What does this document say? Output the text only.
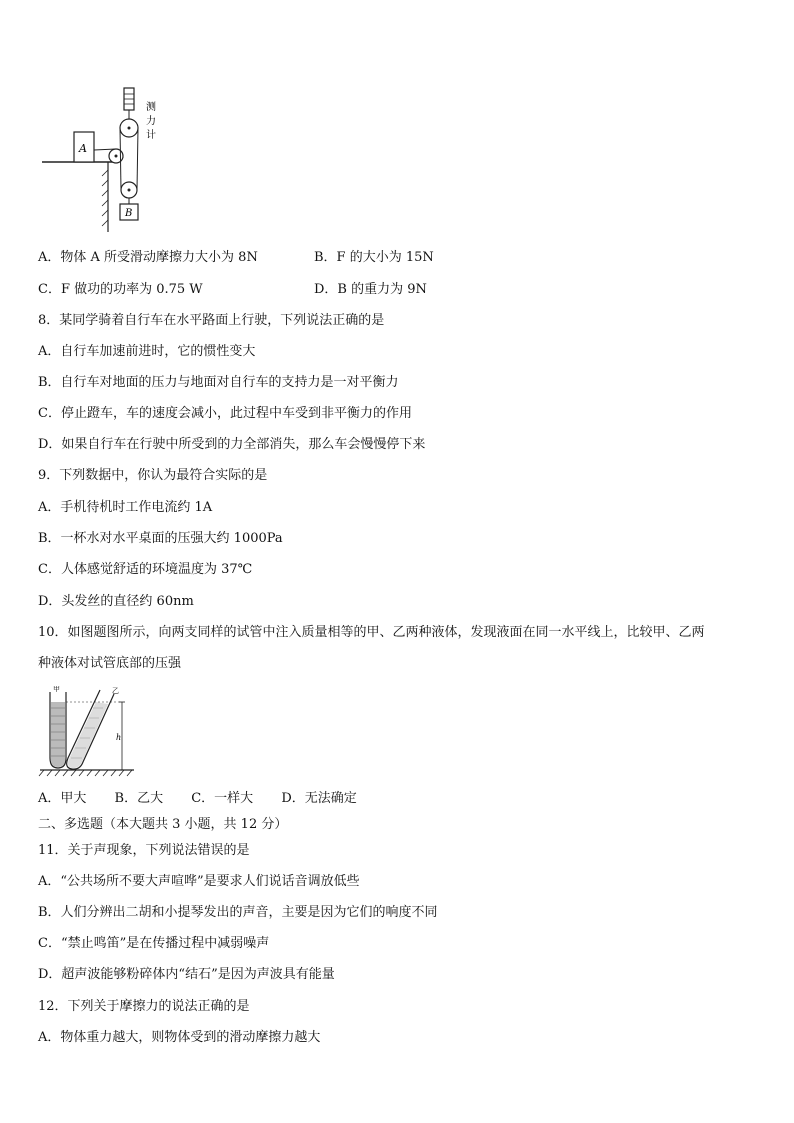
A
测
力
计
B
A．物体 A 所受滑动摩擦力大小为 8N	B．F 的大小为 15N
C．F 做功的功率为 0.75 W	D．B 的重力为 9N
8．某同学骑着自行车在水平路面上行驶，下列说法正确的是
A．自行车加速前进时，它的惯性变大
B．自行车对地面的压力与地面对自行车的支持力是一对平衡力
C．停止蹬车，车的速度会减小，此过程中车受到非平衡力的作用
D．如果自行车在行驶中所受到的力全部消失，那么车会慢慢停下来
9．下列数据中，你认为最符合实际的是
A．手机待机时工作电流约 1A
B．一杯水对水平桌面的压强大约 1000Pa
C．人体感觉舒适的环境温度为 37℃
D．头发丝的直径约 60nm
10．如图题图所示，向两支同样的试管中注入质量相等的甲、乙两种液体，发现液面在同一水平线上，比较甲、乙两
种液体对试管底部的压强
甲	乙
h
A．甲大 B．乙大 C．一样大 D．无法确定
二、多选题（本大题共 3 小题，共 12 分）
11．关于声现象，下列说法错误的是
A．“公共场所不要大声喧哗”是要求人们说话音调放低些
B．人们分辨出二胡和小提琴发出的声音，主要是因为它们的响度不同
C．“禁止鸣笛”是在传播过程中减弱噪声
D．超声波能够粉碎体内“结石”是因为声波具有能量
12．下列关于摩擦力的说法正确的是
A．物体重力越大，则物体受到的滑动摩擦力越大
